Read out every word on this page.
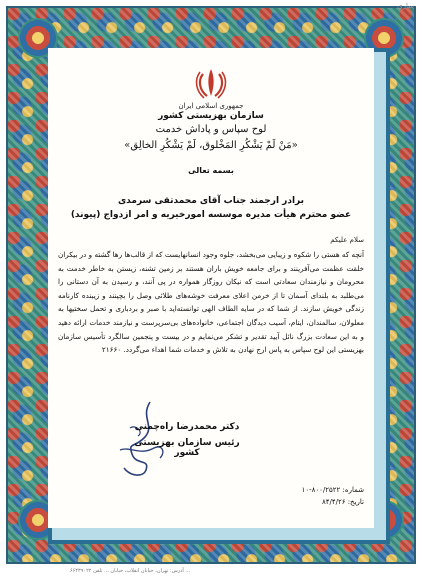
ساری
جمهوری اسلامی ایران
سازمان بهزیستی کشور
لوح سپاس و پاداش خدمت
«مَنْ لَمْ یَشْکُرِ المَخْلوق، لَمْ یَشْکُرِ الخالِق»
بسمه تعالی
برادر ارجمند جناب آقای محمدتقی سرمدی
عضو محترم هیأت مدیره موسسه امورخیریه و امر ازدواج (پیوند)
سلام علیکم
آنچه که هستی را شکوه و زیبایی می‌بخشد، جلوه وجود انسانهایست که از قالب‌ها رها گشته و در بیکران خلقت عظمت می‌آفرینند و برای جامعه خویش باران هستند بر زمین تشنه، زیستن به خاطر خدمت به محرومان و نیازمندان سعادتی است که نیکان روزگار همواره در پی آنند، و رسیدن به آن دستانی را می‌طلبد به بلندای آسمان تا از خرمن اعلای معرفت خوشه‌های طلائی وصل را بچینند و زیبنده کارنامه زندگی خویش سازند. از شما که در سایه الطاف الهی توانسته‌اید با صبر و بردباری و تحمل سختیها به معلولان، سالمندان، ایتام، آسیب دیدگان اجتماعی، خانواده‌های بی‌سرپرست و نیازمند خدمات ارائه دهید و به این سعادت بزرگ نائل آیید تقدیر و تشکر می‌نمایم و در بیست و پنجمین سالگرد تأسیس سازمان بهزیستی این لوح سپاس به پاس ارج نهادن به تلاش و خدمات شما اهداء می‌گردد. ۲۱۶۶۰
دکتر محمدرضا راه‌چمنی
رئیس سازمان بهزیستی کشور
شماره: ۱۰-۸۰۰/۲۵۲۲
تاریخ: ۸۴/۴/۲۶
آدرس: تهران، خیابان انقلاب، خیابان ... تلفن ۶۶۴۳۹۰۲۲ ...
